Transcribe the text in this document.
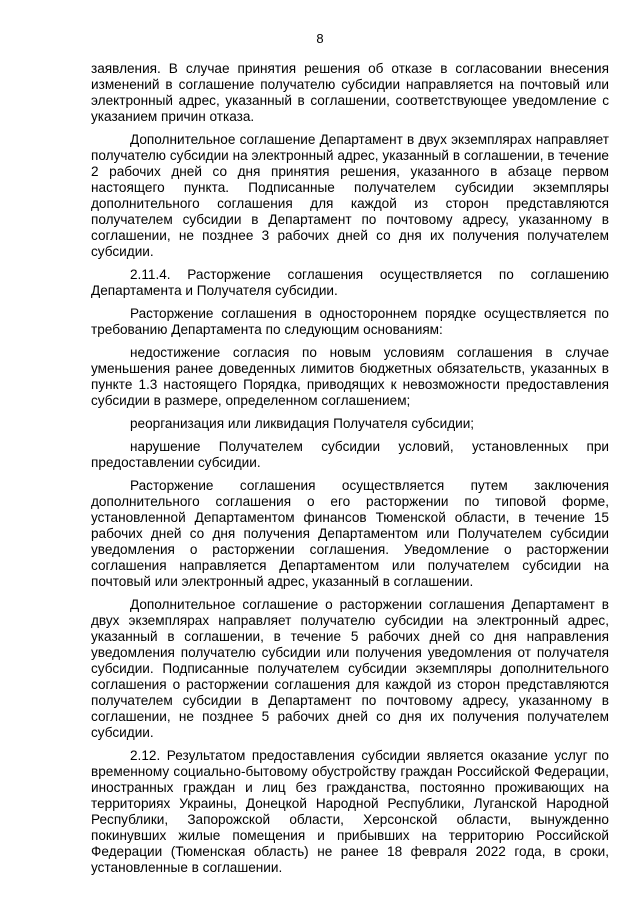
8

заявления. В случае принятия решения об отказе в согласовании внесения изменений в соглашение получателю субсидии направляется на почтовый или электронный адрес, указанный в соглашении, соответствующее уведомление с указанием причин отказа.

Дополнительное соглашение Департамент в двух экземплярах направляет получателю субсидии на электронный адрес, указанный в соглашении, в течение 2 рабочих дней со дня принятия решения, указанного в абзаце первом настоящего пункта. Подписанные получателем субсидии экземпляры дополнительного соглашения для каждой из сторон представляются получателем субсидии в Департамент по почтовому адресу, указанному в соглашении, не позднее 3 рабочих дней со дня их получения получателем субсидии.

2.11.4. Расторжение соглашения осуществляется по соглашению Департамента и Получателя субсидии.

Расторжение соглашения в одностороннем порядке осуществляется по требованию Департамента по следующим основаниям:

недостижение согласия по новым условиям соглашения в случае уменьшения ранее доведенных лимитов бюджетных обязательств, указанных в пункте 1.3 настоящего Порядка, приводящих к невозможности предоставления субсидии в размере, определенном соглашением;

реорганизация или ликвидация Получателя субсидии;

нарушение Получателем субсидии условий, установленных при предоставлении субсидии.

Расторжение соглашения осуществляется путем заключения дополнительного соглашения о его расторжении по типовой форме, установленной Департаментом финансов Тюменской области, в течение 15 рабочих дней со дня получения Департаментом или Получателем субсидии уведомления о расторжении соглашения. Уведомление о расторжении соглашения направляется Департаментом или получателем субсидии на почтовый или электронный адрес, указанный в соглашении.

Дополнительное соглашение о расторжении соглашения Департамент в двух экземплярах направляет получателю субсидии на электронный адрес, указанный в соглашении, в течение 5 рабочих дней со дня направления уведомления получателю субсидии или получения уведомления от получателя субсидии. Подписанные получателем субсидии экземпляры дополнительного соглашения о расторжении соглашения для каждой из сторон представляются получателем субсидии в Департамент по почтовому адресу, указанному в соглашении, не позднее 5 рабочих дней со дня их получения получателем субсидии.

2.12. Результатом предоставления субсидии является оказание услуг по временному социально-бытовому обустройству граждан Российской Федерации, иностранных граждан и лиц без гражданства, постоянно проживающих на территориях Украины, Донецкой Народной Республики, Луганской Народной Республики, Запорожской области, Херсонской области, вынужденно покинувших жилые помещения и прибывших на территорию Российской Федерации (Тюменская область) не ранее 18 февраля 2022 года, в сроки, установленные в соглашении.
